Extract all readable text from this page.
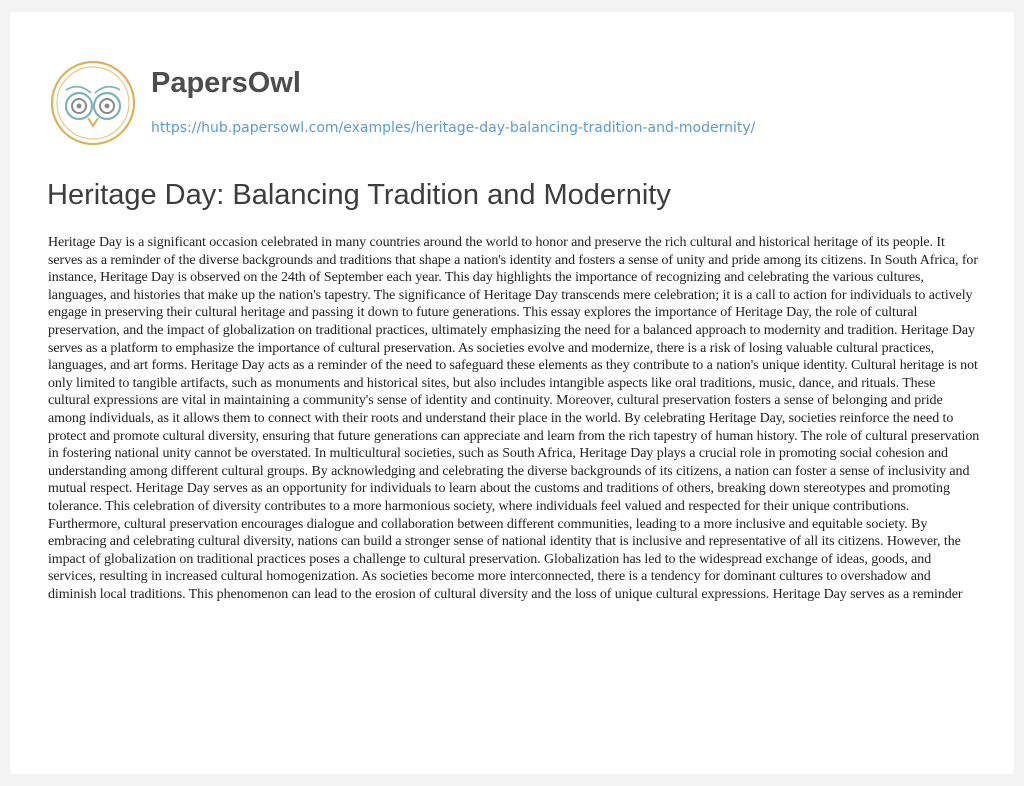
PapersOwl
https://hub.papersowl.com/examples/heritage-day-balancing-tradition-and-modernity/
Heritage Day: Balancing Tradition and Modernity

Heritage Day is a significant occasion celebrated in many countries around the world to honor and preserve the rich cultural and historical heritage of its people. It serves as a reminder of the diverse backgrounds and traditions that shape a nation's identity and fosters a sense of unity and pride among its citizens. In South Africa, for instance, Heritage Day is observed on the 24th of September each year. This day highlights the importance of recognizing and celebrating the various cultures, languages, and histories that make up the nation's tapestry. The significance of Heritage Day transcends mere celebration; it is a call to action for individuals to actively engage in preserving their cultural heritage and passing it down to future generations. This essay explores the importance of Heritage Day, the role of cultural preservation, and the impact of globalization on traditional practices, ultimately emphasizing the need for a balanced approach to modernity and tradition. Heritage Day serves as a platform to emphasize the importance of cultural preservation. As societies evolve and modernize, there is a risk of losing valuable cultural practices, languages, and art forms. Heritage Day acts as a reminder of the need to safeguard these elements as they contribute to a nation's unique identity. Cultural heritage is not only limited to tangible artifacts, such as monuments and historical sites, but also includes intangible aspects like oral traditions, music, dance, and rituals. These cultural expressions are vital in maintaining a community's sense of identity and continuity. Moreover, cultural preservation fosters a sense of belonging and pride among individuals, as it allows them to connect with their roots and understand their place in the world. By celebrating Heritage Day, societies reinforce the need to protect and promote cultural diversity, ensuring that future generations can appreciate and learn from the rich tapestry of human history. The role of cultural preservation in fostering national unity cannot be overstated. In multicultural societies, such as South Africa, Heritage Day plays a crucial role in promoting social cohesion and understanding among different cultural groups. By acknowledging and celebrating the diverse backgrounds of its citizens, a nation can foster a sense of inclusivity and mutual respect. Heritage Day serves as an opportunity for individuals to learn about the customs and traditions of others, breaking down stereotypes and promoting tolerance. This celebration of diversity contributes to a more harmonious society, where individuals feel valued and respected for their unique contributions. Furthermore, cultural preservation encourages dialogue and collaboration between different communities, leading to a more inclusive and equitable society. By embracing and celebrating cultural diversity, nations can build a stronger sense of national identity that is inclusive and representative of all its citizens. However, the impact of globalization on traditional practices poses a challenge to cultural preservation. Globalization has led to the widespread exchange of ideas, goods, and services, resulting in increased cultural homogenization. As societies become more interconnected, there is a tendency for dominant cultures to overshadow and diminish local traditions. This phenomenon can lead to the erosion of cultural diversity and the loss of unique cultural expressions. Heritage Day serves as a reminder
